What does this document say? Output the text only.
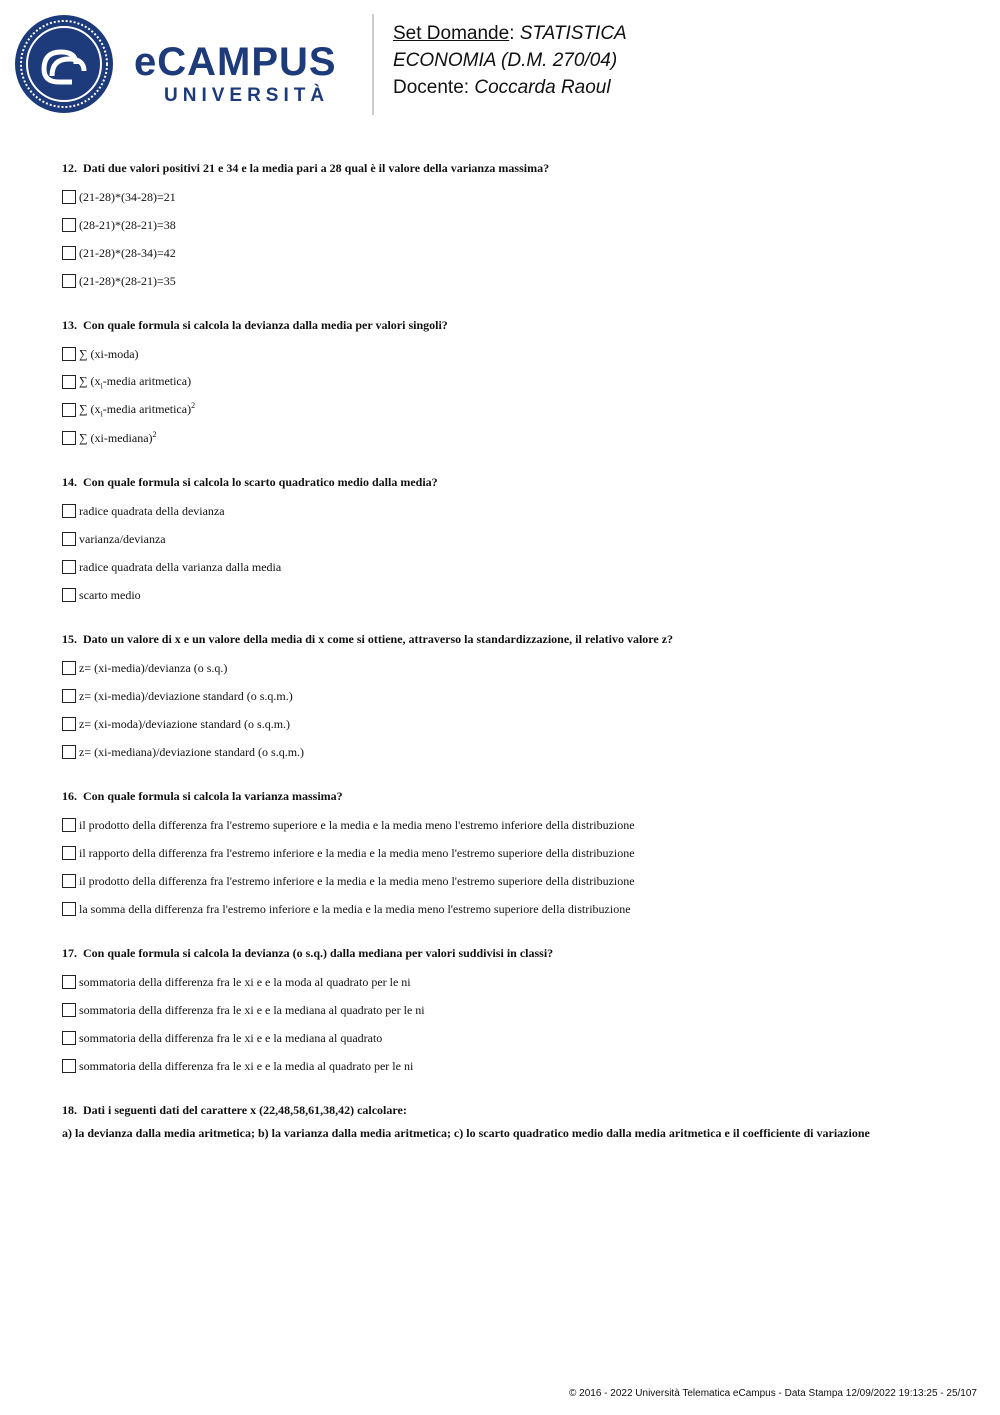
eCAMPUS
UNIVERSITÀ
Set Domande: STATISTICA
ECONOMIA (D.M. 270/04)
Docente: Coccarda Raoul
12. Dati due valori positivi 21 e 34 e la media pari a 28 qual è il valore della varianza massima?
(21-28)*(34-28)=21
(28-21)*(28-21)=38
(21-28)*(28-34)=42
(21-28)*(28-21)=35
13. Con quale formula si calcola la devianza dalla media per valori singoli?
∑ (xi-moda)
∑ ($x_i$-media aritmetica)
∑ ($x_i$-media aritmetica)$^2$
∑ (xi-mediana)$^2$
14. Con quale formula si calcola lo scarto quadratico medio dalla media?
radice quadrata della devianza
varianza/devianza
radice quadrata della varianza dalla media
scarto medio
15. Dato un valore di x e un valore della media di x come si ottiene, attraverso la standardizzazione, il relativo valore z?
z= (xi-media)/devianza (o s.q.)
z= (xi-media)/deviazione standard (o s.q.m.)
z= (xi-moda)/deviazione standard (o s.q.m.)
z= (xi-mediana)/deviazione standard (o s.q.m.)
16. Con quale formula si calcola la varianza massima?
il prodotto della differenza fra l'estremo superiore e la media e la media meno l'estremo inferiore della distribuzione
il rapporto della differenza fra l'estremo inferiore e la media e la media meno l'estremo superiore della distribuzione
il prodotto della differenza fra l'estremo inferiore e la media e la media meno l'estremo superiore della distribuzione
la somma della differenza fra l'estremo inferiore e la media e la media meno l'estremo superiore della distribuzione
17. Con quale formula si calcola la devianza (o s.q.) dalla mediana per valori suddivisi in classi?
sommatoria della differenza fra le xi e e la moda al quadrato per le ni
sommatoria della differenza fra le xi e e la mediana al quadrato per le ni
sommatoria della differenza fra le xi e e la mediana al quadrato
sommatoria della differenza fra le xi e e la media al quadrato per le ni
18. Dati i seguenti dati del carattere x (22,48,58,61,38,42) calcolare:
a) la devianza dalla media aritmetica; b) la varianza dalla media aritmetica; c) lo scarto quadratico medio dalla media aritmetica e il coefficiente di variazione
© 2016 - 2022 Università Telematica eCampus - Data Stampa 12/09/2022 19:13:25 - 25/107
